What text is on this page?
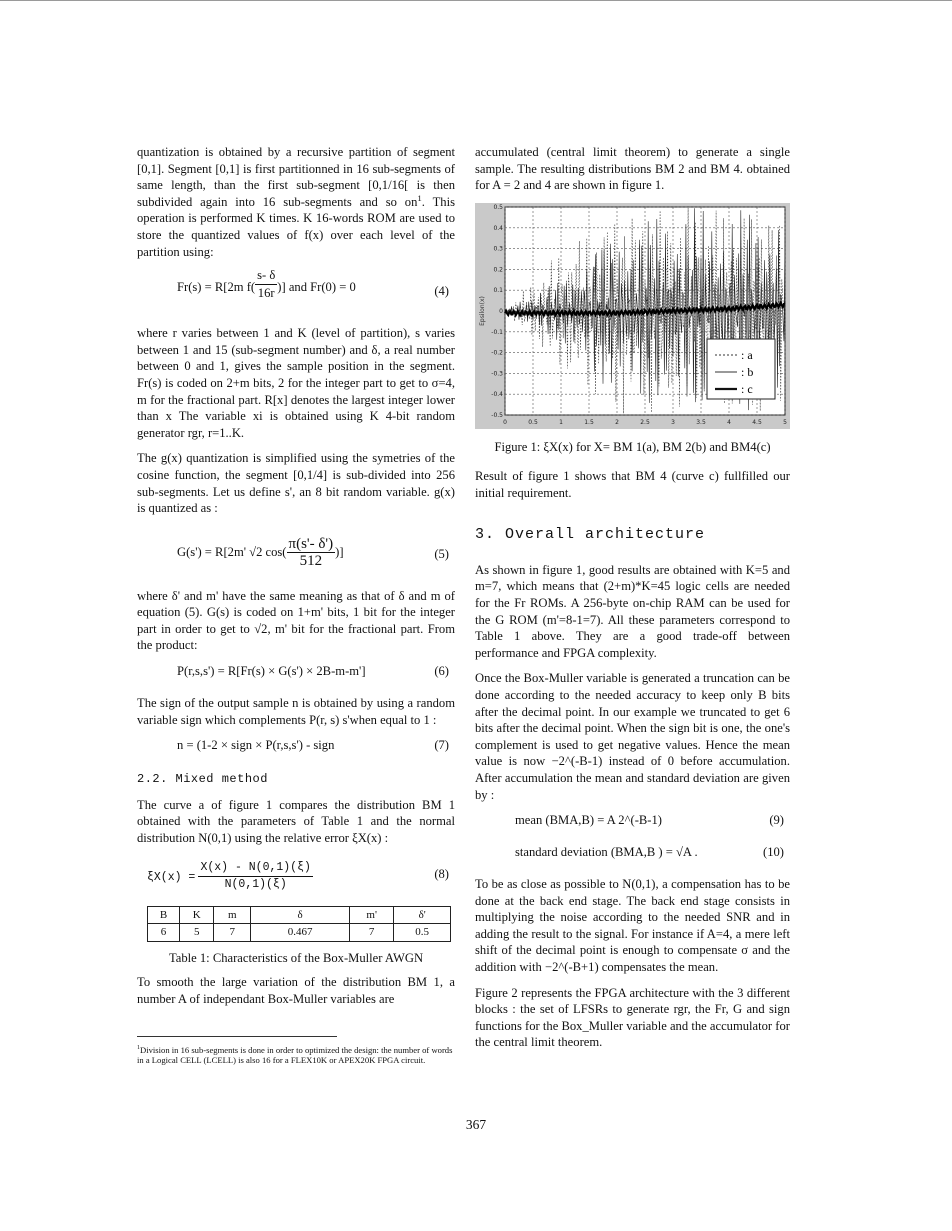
quantization is obtained by a recursive partition of segment [0,1]. Segment [0,1] is first partitionned in 16 sub-segments of same length, than the first sub-segment [0,1/16[ is then subdivided again into 16 sub-segments and so $on^1$. This operation is performed K times. K 16-words ROM are used to store the quantized values of f(x) over each level of the partition using:

Fr(s) = R[2m $f( \frac{s- \delta}{16r}$ )] and Fr(0) = 0	(4)

where r varies between 1 and K (level of partition), s varies between 1 and 15 (sub-segment number) and δ, a real number between 0 and 1, gives the sample position in the segment. Fr(s) is coded on 2+m bits, 2 for the integer part to get to σ=4, m for the fractional part. R[x] denotes the largest integer lower than x The variable xi is obtained using K 4-bit random generator rgr, r=1..K.

The g(x) quantization is simplified using the symetries of the cosine function, the segment [0,1/4] is sub-divided into 256 sub-segments. Let us define s', an 8 bit random variable. g(x) is quantized as :

G(s') = R[2m' √2 $\cos( \frac{\pi(s'- \delta')}{512}$ )]	(5)

where δ' and m' have the same meaning as that of δ and m of equation (5). G(s) is coded on 1+m' bits, 1 bit for the integer part in order to get to √2, m' bit for the fractional part. From the product:

P(r,s,s') = R[Fr(s) × G(s') × 2B-m-m']	(6)

The sign of the output sample n is obtained by using a random variable sign which complements P(r, s) s'when equal to 1 :

n = (1-2 × sign × P(r,s,s') - sign	(7)
2.2. Mixed method

The curve a of figure 1 compares the distribution BM 1 obtained with the parameters of Table 1 and the normal distribution N(0,1) using the relative error ξX(x) :

$\xi X(x) = \frac{X(x) - N(0,1)(\xi)}{N(0,1)(\xi)}$	(8)
B	K	m	δ	m'	δ'
6	5	7	0.467	7	0.5
Table 1: Characteristics of the Box-Muller AWGN

To smooth the large variation of the distribution BM 1, a number A of independant Box-Muller variables are

$^1$Division in 16 sub-segments is done in order to optimized the design: the number of words in a Logical CELL (LCELL) is also 16 for a FLEX10K or APEX20K FPGA circuit.

accumulated (central limit theorem) to generate a single sample. The resulting distributions BM 2 and BM 4. obtained for A = 2 and 4 are shown in figure 1.

0	0.5	1	1.5	2	2.5	3	3.5	4	4.5	5
0.5
0.4
0.3
0.2
0.1
0
-0.1
-0.2
-0.3
-0.4
-0.5
Epsilon(x)
: a
: b
: c
Figure 1: ξX(x) for X= BM 1(a), BM 2(b) and BM4(c)

Result of figure 1 shows that BM 4 (curve c) fullfilled our initial requirement.

3. Overall architecture

As shown in figure 1, good results are obtained with K=5 and m=7, which means that (2+m)*K=45 logic cells are needed for the Fr ROMs. A 256-byte on-chip RAM can be used for the G ROM (m'=8-1=7). All these parameters correspond to Table 1 above. They are a good trade-off between performance and FPGA complexity.

Once the Box-Muller variable is generated a truncation can be done according to the needed accuracy to keep only B bits after the decimal point. In our example we truncated to get 6 bits after the decimal point. When the sign bit is one, the one's complement is used to get negative values. Hence the mean value is now −2^(-B-1) instead of 0 before accumulation. After accumulation the mean and standard deviation are given by :

mean (BMA,B) = A 2^(-B-1)	(9)
standard deviation (BMA,B ) = √A .	(10)

To be as close as possible to N(0,1), a compensation has to be done at the back end stage. The back end stage consists in multiplying the noise according to the needed SNR and in adding the result to the signal. For instance if A=4, a mere left shift of the decimal point is enough to compensate σ and the addition with −2^(-B+1) compensates the mean.

Figure 2 represents the FPGA architecture with the 3 different blocks : the set of LFSRs to generate rgr, the Fr, G and sign functions for the Box_Muller variable and the accumulator for the central limit theorem.

367
